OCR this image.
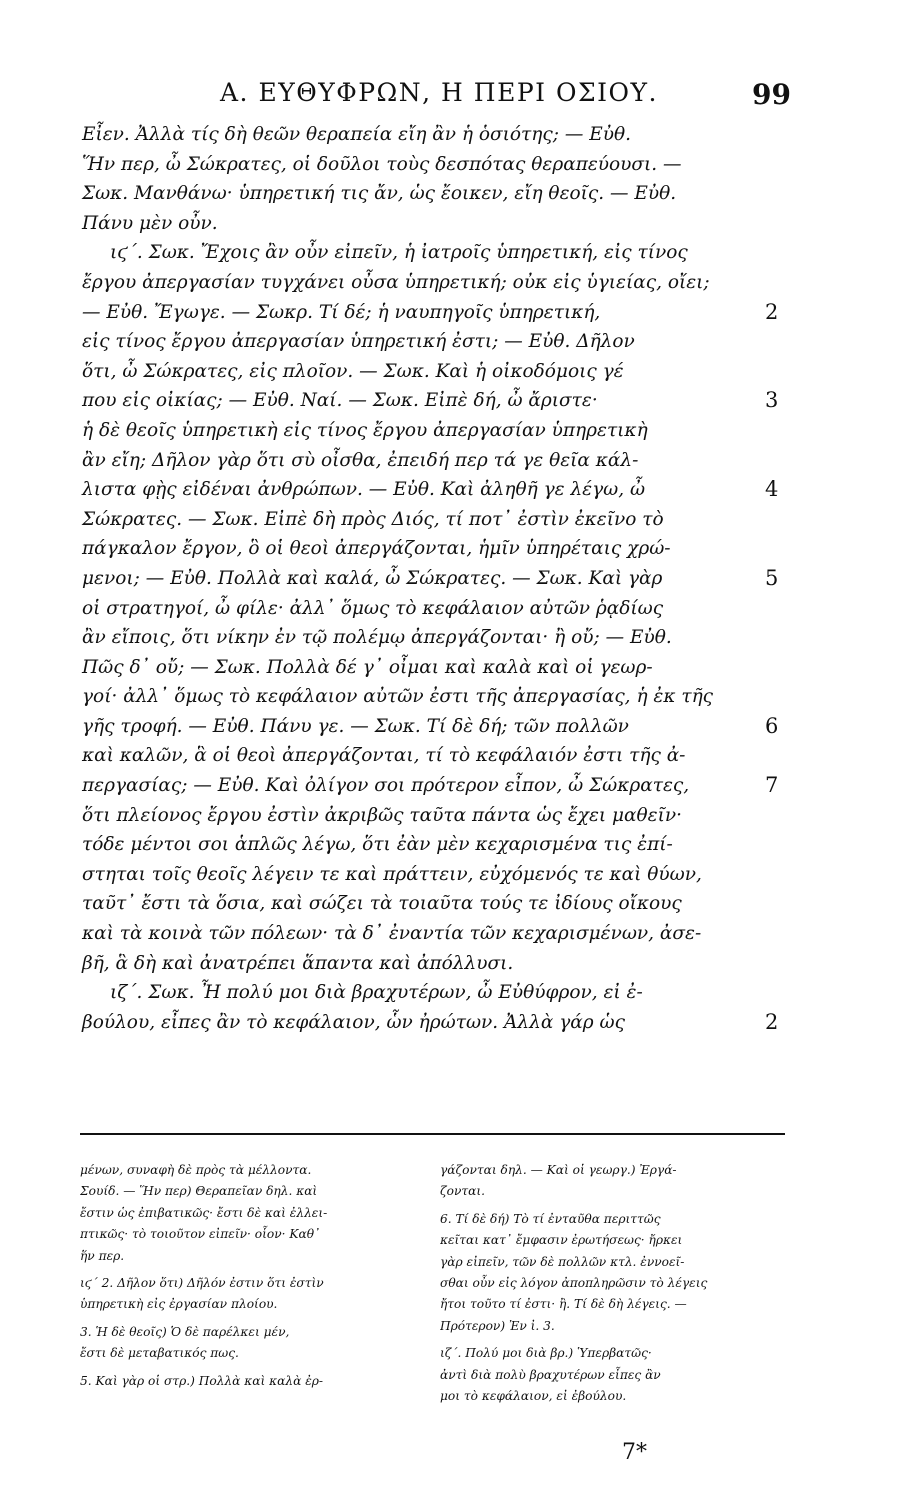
Α. ΕΥΘΥΦΡΩΝ, Η ΠΕΡΙ ΟΣΙΟΥ.	99
Εἶεν. Ἀλλὰ τίς δὴ θεῶν θεραπεία εἴη ἂν ἡ ὁσιότης; — Εὐθ.
Ἥν περ, ὦ Σώκρατες, οἱ δοῦλοι τοὺς δεσπότας θεραπεύουσι. —
Σωκ. Μανθάνω· ὑπηρετική τις ἄν, ὡς ἔοικεν, εἴη θεοῖς. — Εὐθ.
Πάνυ μὲν οὖν.
ιϛ΄. Σωκ. Ἔχοις ἂν οὖν εἰπεῖν, ἡ ἰατροῖς ὑπηρετική, εἰς τίνος
ἔργου ἀπεργασίαν τυγχάνει οὖσα ὑπηρετική; οὐκ εἰς ὑγιείας, οἴει;
— Εὐθ. Ἔγωγε. — Σωκρ. Τί δέ; ἡ ναυπηγοῖς ὑπηρετική,
εἰς τίνος ἔργου ἀπεργασίαν ὑπηρετική ἐστι; — Εὐθ. Δῆλον
ὅτι, ὦ Σώκρατες, εἰς πλοῖον. — Σωκ. Καὶ ἡ οἰκοδόμοις γέ
που εἰς οἰκίας; — Εὐθ. Ναί. — Σωκ. Εἰπὲ δή, ὦ ἄριστε·
ἡ δὲ θεοῖς ὑπηρετικὴ εἰς τίνος ἔργου ἀπεργασίαν ὑπηρετικὴ
ἂν εἴη; Δῆλον γὰρ ὅτι σὺ οἶσθα, ἐπειδή περ τά γε θεῖα κάλ-
λιστα φῂς εἰδέναι ἀνθρώπων. — Εὐθ. Καὶ ἀληθῆ γε λέγω, ὦ
Σώκρατες. — Σωκ. Εἰπὲ δὴ πρὸς Διός, τί ποτ᾽ ἐστὶν ἐκεῖνο τὸ
πάγκαλον ἔργον, ὃ οἱ θεοὶ ἀπεργάζονται, ἡμῖν ὑπηρέταις χρώ-
μενοι; — Εὐθ. Πολλὰ καὶ καλά, ὦ Σώκρατες. — Σωκ. Καὶ γὰρ
οἱ στρατηγοί, ὦ φίλε· ἀλλ᾽ ὅμως τὸ κεφάλαιον αὐτῶν ῥᾳδίως
ἂν εἴποις, ὅτι νίκην ἐν τῷ πολέμῳ ἀπεργάζονται· ἢ οὔ; — Εὐθ.
Πῶς δ᾽ οὔ; — Σωκ. Πολλὰ δέ γ᾽ οἶμαι καὶ καλὰ καὶ οἱ γεωρ-
γοί· ἀλλ᾽ ὅμως τὸ κεφάλαιον αὐτῶν ἐστι τῆς ἀπεργασίας, ἡ ἐκ τῆς
γῆς τροφή. — Εὐθ. Πάνυ γε. — Σωκ. Τί δὲ δή; τῶν πολλῶν
καὶ καλῶν, ἃ οἱ θεοὶ ἀπεργάζονται, τί τὸ κεφάλαιόν ἐστι τῆς ἀ-
περγασίας; — Εὐθ. Καὶ ὀλίγον σοι πρότερον εἶπον, ὦ Σώκρατες,
ὅτι πλείονος ἔργου ἐστὶν ἀκριβῶς ταῦτα πάντα ὡς ἔχει μαθεῖν·
τόδε μέντοι σοι ἁπλῶς λέγω, ὅτι ἐὰν μὲν κεχαρισμένα τις ἐπί-
στηται τοῖς θεοῖς λέγειν τε καὶ πράττειν, εὐχόμενός τε καὶ θύων,
ταῦτ᾽ ἔστι τὰ ὅσια, καὶ σώζει τὰ τοιαῦτα τούς τε ἰδίους οἴκους
καὶ τὰ κοινὰ τῶν πόλεων· τὰ δ᾽ ἐναντία τῶν κεχαρισμένων, ἀσε-
βῆ, ἃ δὴ καὶ ἀνατρέπει ἅπαντα καὶ ἀπόλλυσι.
ιζ΄. Σωκ. Ἦ πολύ μοι διὰ βραχυτέρων, ὦ Εὐθύφρον, εἰ ἐ-
βούλου, εἶπες ἂν τὸ κεφάλαιον, ὧν ἠρώτων. Ἀλλὰ γάρ ὡς
2
3
4
5
6
7
2
μένων, συναφὴ δὲ πρὸς τὰ μέλλοντα.
Σουίδ. — Ἥν περ) Θεραπεῖαν δηλ. καὶ
ἔστιν ὡς ἐπιβατικῶς· ἔστι δὲ καὶ ἐλλει-
πτικῶς· τὸ τοιοῦτον εἰπεῖν· οἷον· Καθ᾽
ἥν περ.
ιϛ΄ 2. Δῆλον ὅτι) Δῆλόν ἐστιν ὅτι ἐστὶν
ὑπηρετικὴ εἰς ἐργασίαν πλοίου.
3. Ἡ δὲ θεοῖς) Ὁ δὲ παρέλκει μέν,
ἔστι δὲ μεταβατικός πως.
5. Καὶ γὰρ οἱ στρ.) Πολλὰ καὶ καλὰ ἐρ-
γάζονται δηλ. — Καὶ οἱ γεωργ.) Ἐργά-
ζονται.
6. Τί δὲ δή) Τὸ τί ἐνταῦθα περιττῶς
κεῖται κατ᾽ ἔμφασιν ἐρωτήσεως· ἤρκει
γὰρ εἰπεῖν, τῶν δὲ πολλῶν κτλ. ἐννοεῖ-
σθαι οὖν εἰς λόγον ἀποπληρῶσιν τὸ λέγεις
ἤτοι τοῦτο τί ἐστι· ἢ. Τί δὲ δὴ λέγεις. —
Πρότερον) Ἐν ἰ. 3.
ιζ΄. Πολύ μοι διὰ βρ.) Ὑπερβατῶς·
ἀντὶ διὰ πολὺ βραχυτέρων εἶπες ἂν
μοι τὸ κεφάλαιον, εἰ ἐβούλου.
7*
